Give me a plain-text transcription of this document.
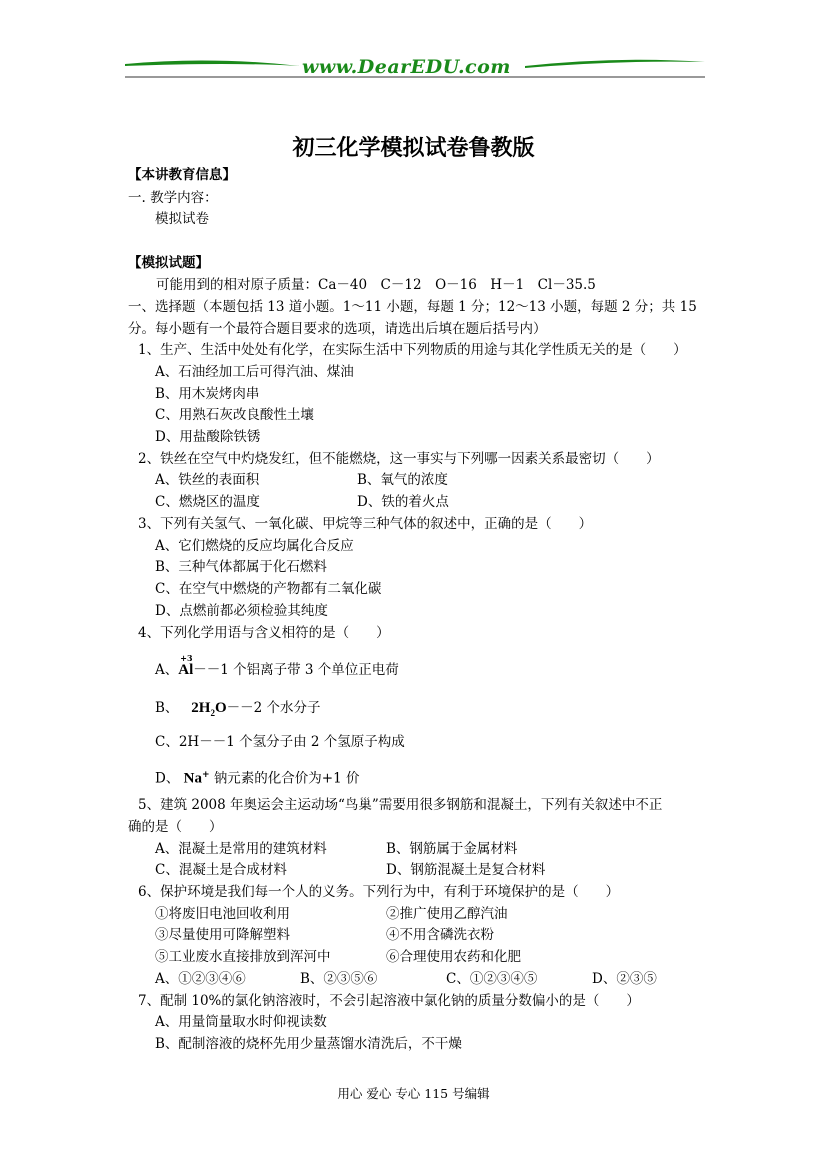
www.DearEDU.com
初三化学模拟试卷鲁教版
【本讲教育信息】
一. 教学内容：
模拟试卷
【模拟试题】
可能用到的相对原子质量：Ca－40　C－12　O－16　H－1　Cl－35.5
一、选择题（本题包括 13 道小题。1～11 小题，每题 1 分；12～13 小题，每题 2 分；共 15
分。每小题有一个最符合题目要求的选项，请选出后填在题后括号内）
1、生产、生活中处处有化学，在实际生活中下列物质的用途与其化学性质无关的是（　　）
A、石油经加工后可得汽油、煤油
B、用木炭烤肉串
C、用熟石灰改良酸性土壤
D、用盐酸除铁锈
2、铁丝在空气中灼烧发红，但不能燃烧，这一事实与下列哪一因素关系最密切（　　）
A、铁丝的表面积	B、氧气的浓度
C、燃烧区的温度	D、铁的着火点
3、下列有关氢气、一氧化碳、甲烷等三种气体的叙述中，正确的是（　　）
A、它们燃烧的反应均属化合反应
B、三种气体都属于化石燃料
C、在空气中燃烧的产物都有二氧化碳
D、点燃前都必须检验其纯度
4、下列化学用语与含义相符的是（　　）
A、
+3
Al－－1 个铝离子带 3 个单位正电荷
B、 $2H_2O--2$ 个水分子
C、2H－－1 个氢分子由 2 个氢原子构成
D、 Na+ 钠元素的化合价为+1 价
5、建筑 2008 年奥运会主运动场“鸟巢”需要用很多钢筋和混凝土，下列有关叙述中不正
确的是（　　）
A、混凝土是常用的建筑材料	B、钢筋属于金属材料
C、混凝土是合成材料	D、钢筋混凝土是复合材料
6、保护环境是我们每一个人的义务。下列行为中，有利于环境保护的是（　　）
①将废旧电池回收利用	②推广使用乙醇汽油
③尽量使用可降解塑料	④不用含磷洗衣粉
⑤工业废水直接排放到浑河中	⑥合理使用农药和化肥
A、①②③④⑥	B、②③⑤⑥	C、①②③④⑤	D、②③⑤
7、配制 10%的氯化钠溶液时，不会引起溶液中氯化钠的质量分数偏小的是（　　）
A、用量筒量取水时仰视读数
B、配制溶液的烧杯先用少量蒸馏水清洗后，不干燥
用心 爱心 专心 115 号编辑
